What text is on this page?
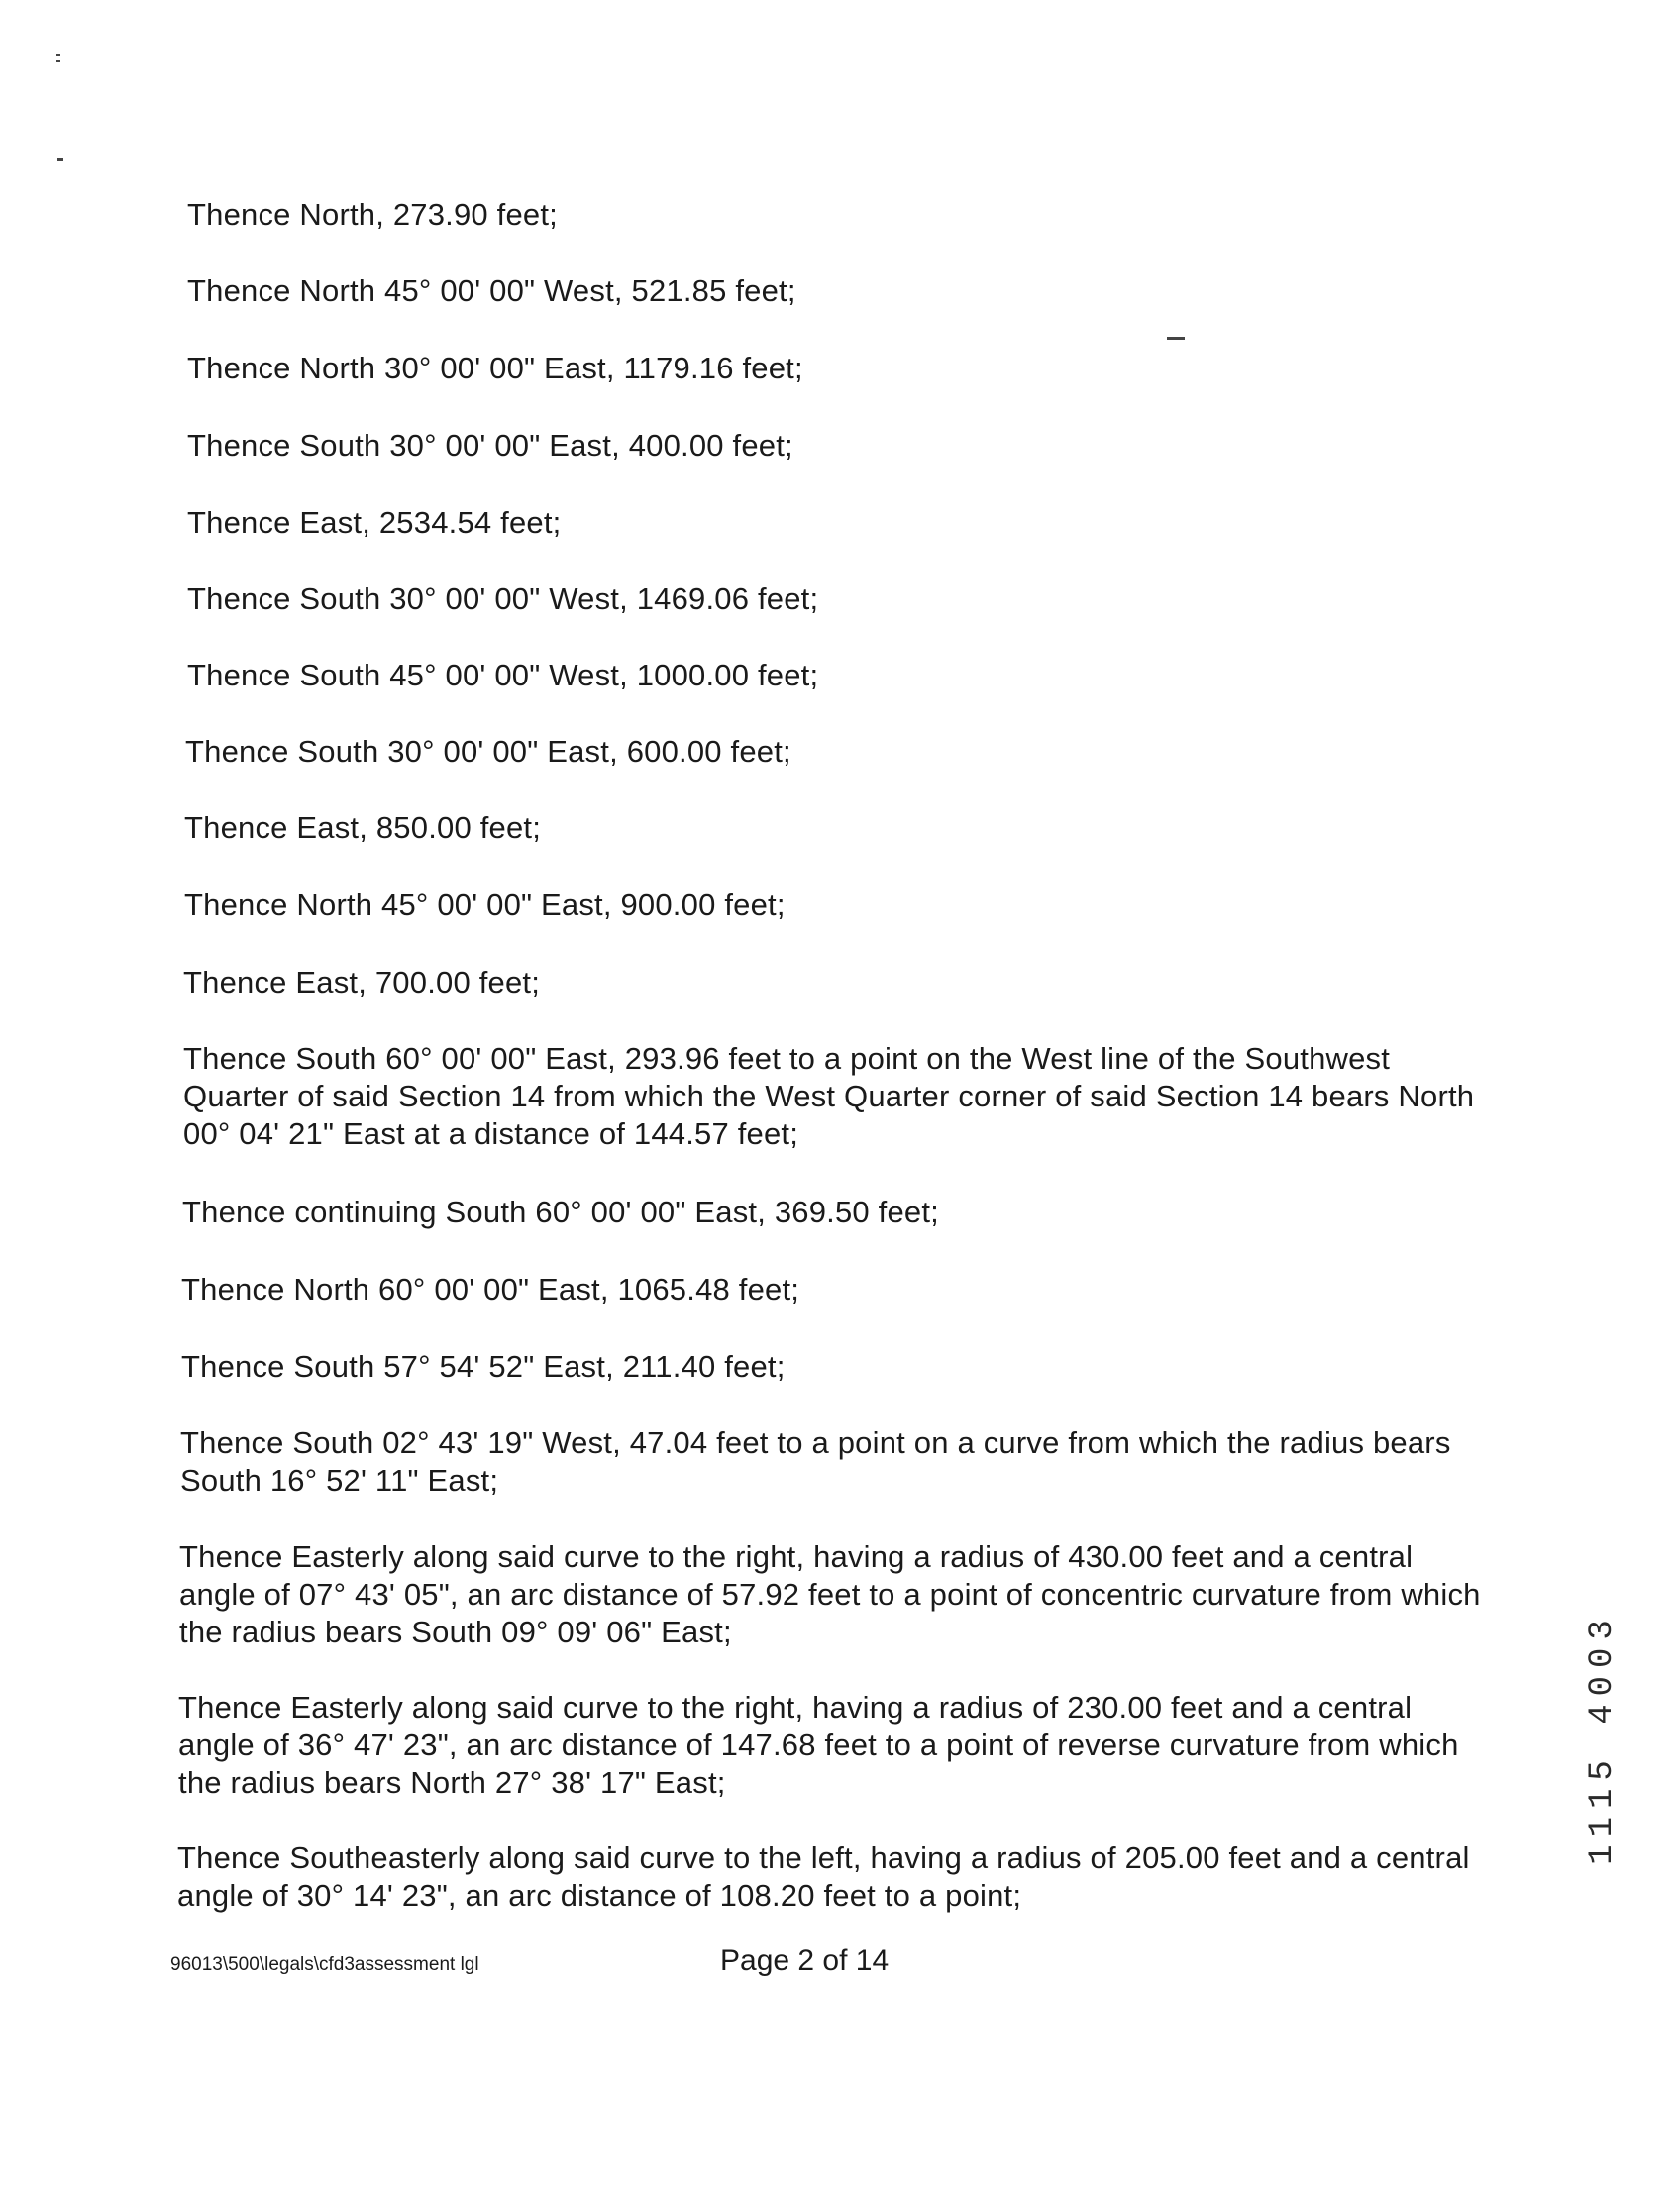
Thence North, 273.90 feet;

Thence North 45° 00' 00" West, 521.85 feet;

Thence North 30° 00' 00" East, 1179.16 feet;

Thence South 30° 00' 00" East, 400.00 feet;

Thence East, 2534.54 feet;

Thence South 30° 00' 00" West, 1469.06 feet;

Thence South 45° 00' 00" West, 1000.00 feet;

Thence South 30° 00' 00" East, 600.00 feet;

Thence East, 850.00 feet;

Thence North 45° 00' 00" East, 900.00 feet;

Thence East, 700.00 feet;

Thence South 60° 00' 00" East, 293.96 feet to a point on the West line of the Southwest Quarter of said Section 14 from which the West Quarter corner of said Section 14 bears North 00° 04' 21" East at a distance of 144.57 feet;

Thence continuing South 60° 00' 00" East, 369.50 feet;

Thence North 60° 00' 00" East, 1065.48 feet;

Thence South 57° 54' 52" East, 211.40 feet;

Thence South 02° 43' 19" West, 47.04 feet to a point on a curve from which the radius bears South 16° 52' 11" East;

Thence Easterly along said curve to the right, having a radius of 430.00 feet and a central angle of 07° 43' 05", an arc distance of 57.92 feet to a point of concentric curvature from which the radius bears South 09° 09' 06" East;

Thence Easterly along said curve to the right, having a radius of 230.00 feet and a central angle of 36° 47' 23", an arc distance of 147.68 feet to a point of reverse curvature from which the radius bears North 27° 38' 17" East;

Thence Southeasterly along said curve to the left, having a radius of 205.00 feet and a central angle of 30° 14' 23", an arc distance of 108.20 feet to a point;

96013\500\legals\cfd3assessment lgl	Page 2 of 14
1115 4003
